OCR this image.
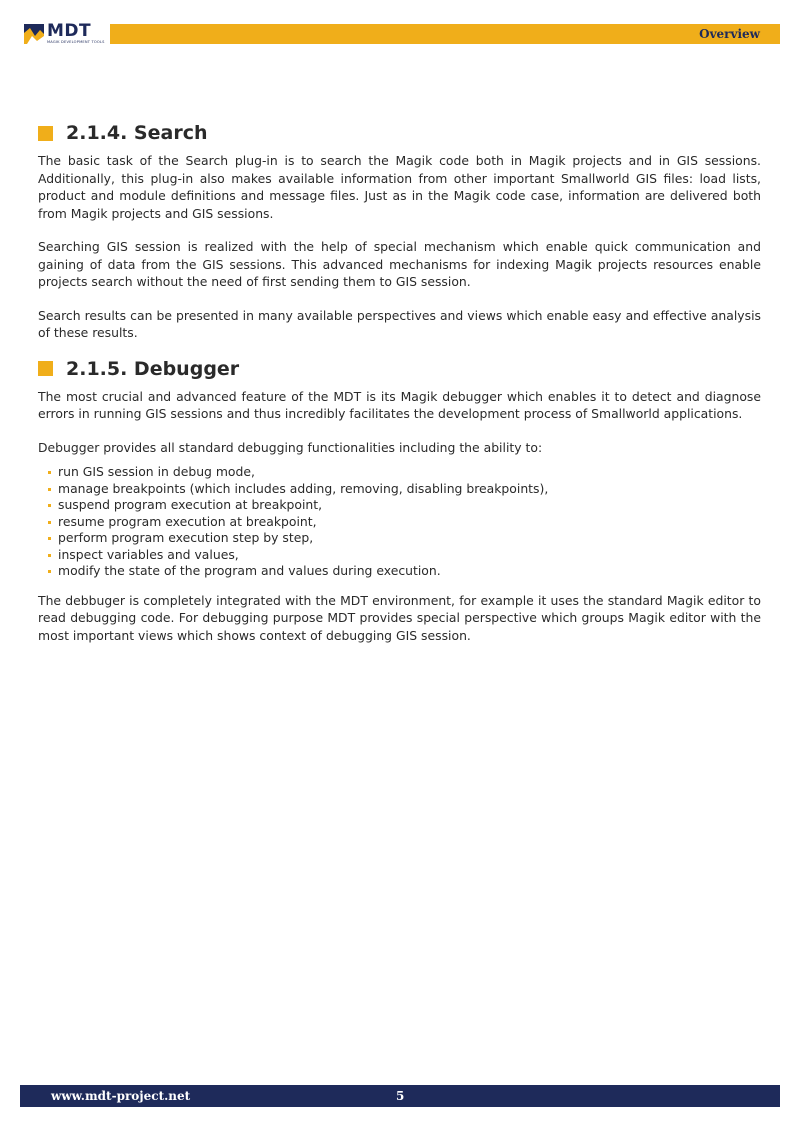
MDT
MAGIK DEVELOPMENT TOOLS
Overview
2.1.4. Search

The basic task of the Search plug-in is to search the Magik code both in Magik projects and in GIS sessions. Additionally, this plug-in also makes available information from other important Smallworld GIS files: load lists, product and module definitions and message files. Just as in the Magik code case, information are delivered both from Magik projects and GIS sessions.

Searching GIS session is realized with the help of special mechanism which enable quick communication and gaining of data from the GIS sessions. This advanced mechanisms for indexing Magik projects resources enable projects search without the need of first sending them to GIS session.

Search results can be presented in many available perspectives and views which enable easy and effective analysis of these results.

2.1.5. Debugger

The most crucial and advanced feature of the MDT is its Magik debugger which enables it to detect and diagnose errors in running GIS sessions and thus incredibly facilitates the development process of Smallworld applications.

Debugger provides all standard debugging functionalities including the ability to:

run GIS session in debug mode,
manage breakpoints (which includes adding, removing, disabling breakpoints),
suspend program execution at breakpoint,
resume program execution at breakpoint,
perform program execution step by step,
inspect variables and values,
modify the state of the program and values during execution.

The debbuger is completely integrated with the MDT environment, for example it uses the standard Magik editor to read debugging code. For debugging purpose MDT provides special perspective which groups Magik editor with the most important views which shows context of debugging GIS session.

www.mdt-project.net	5
